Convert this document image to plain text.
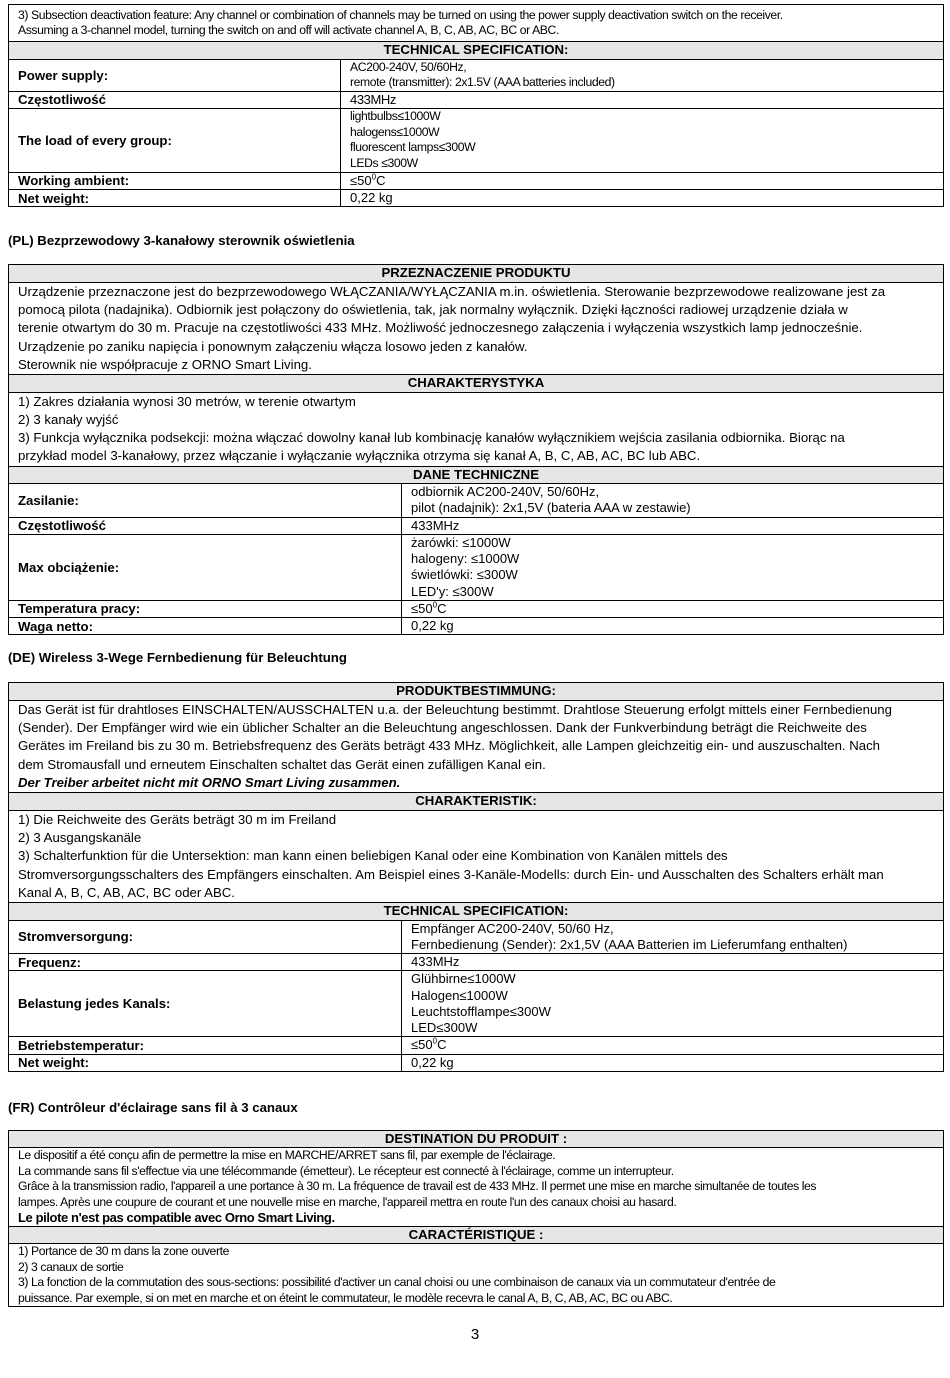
3) Subsection deactivation feature: Any channel or combination of channels may be turned on using the power supply deactivation switch on the receiver.
Assuming a 3-channel model, turning the switch on and off will activate channel A, B, C, AB, AC, BC or ABC.	

TECHNICAL SPECIFICATION:	
Power supply:	AC200-240V, 50/60Hz,
remote (transmitter): 2x1.5V (AAA batteries included)

Częstotliwość	433MHz
The load of every group:	lightbulbs≤1000W
halogens≤1000W
fluorescent lamps≤300W
LEDs ≤300W

Working ambient:	$\le 50^0C$
Net weight:	0,22 kg
(PL) Bezprzewodowy 3-kanałowy sterownik oświetlenia
PRZEZNACZENIE PRODUKTU	

Urządzenie przeznaczone jest do bezprzewodowego WŁĄCZANIA/WYŁĄCZANIA m.in. oświetlenia. Sterowanie bezprzewodowe realizowane jest za
pomocą pilota (nadajnika). Odbiornik jest połączony do oświetlenia, tak, jak normalny wyłącznik. Dzięki łączności radiowej urządzenie działa w
terenie otwartym do 30 m. Pracuje na częstotliwości 433 MHz. Możliwość jednoczesnego załączenia i wyłączenia wszystkich lamp jednocześnie.
Urządzenie po zaniku napięcia i ponownym załączeniu włącza losowo jeden z kanałów.
Sterownik nie współpracuje z ORNO Smart Living.	

CHARAKTERYSTYKA	

1) Zakres działania wynosi 30 metrów, w terenie otwartym
2) 3 kanały wyjść
3) Funkcja wyłącznika podsekcji: można włączać dowolny kanał lub kombinację kanałów wyłącznikiem wejścia zasilania odbiornika. Biorąc na
przykład model 3-kanałowy, przez włączanie i wyłączanie wyłącznika otrzyma się kanał A, B, C, AB, AC, BC lub ABC.	

DANE TECHNICZNE	
Zasilanie:	odbiornik AC200-240V, 50/60Hz,
pilot (nadajnik): 2x1,5V (bateria AAA w zestawie)

Częstotliwość	433MHz
Max obciążenie:	żarówki: ≤1000W
halogeny: ≤1000W
świetlówki: ≤300W
LED'y: ≤300W

Temperatura pracy:	$\le 50^0C$
Waga netto:	0,22 kg
(DE) Wireless 3-Wege Fernbedienung für Beleuchtung
PRODUKTBESTIMMUNG:	

Das Gerät ist für drahtloses EINSCHALTEN/AUSSCHALTEN u.a. der Beleuchtung bestimmt. Drahtlose Steuerung erfolgt mittels einer Fernbedienung
(Sender). Der Empfänger wird wie ein üblicher Schalter an die Beleuchtung angeschlossen. Dank der Funkverbindung beträgt die Reichweite des
Gerätes im Freiland bis zu 30 m. Betriebsfrequenz des Geräts beträgt 433 MHz. Möglichkeit, alle Lampen gleichzeitig ein- und auszuschalten. Nach
dem Stromausfall und erneutem Einschalten schaltet das Gerät einen zufälligen Kanal ein.
Der Treiber arbeitet nicht mit ORNO Smart Living zusammen.	

CHARAKTERISTIK:	

1) Die Reichweite des Geräts beträgt 30 m im Freiland
2) 3 Ausgangskanäle
3) Schalterfunktion für die Untersektion: man kann einen beliebigen Kanal oder eine Kombination von Kanälen mittels des
Stromversorgungsschalters des Empfängers einschalten. Am Beispiel eines 3-Kanäle-Modells: durch Ein- und Ausschalten des Schalters erhält man
Kanal A, B, C, AB, AC, BC oder ABC.	

TECHNICAL SPECIFICATION:	
Stromversorgung:	Empfänger AC200-240V, 50/60 Hz,
Fernbedienung (Sender): 2x1,5V (AAA Batterien im Lieferumfang enthalten)

Frequenz:	433MHz
Belastung jedes Kanals:	Glühbirne≤1000W
Halogen≤1000W
Leuchtstofflampe≤300W
LED≤300W

Betriebstemperatur:	$\le 50^0C$
Net weight:	0,22 kg
(FR) Contrôleur d'éclairage sans fil à 3 canaux
DESTINATION DU PRODUIT :

Le dispositif a été conçu afin de permettre la mise en MARCHE/ARRET sans fil, par exemple de l'éclairage.
La commande sans fil s'effectue via une télécommande (émetteur). Le récepteur est connecté à l'éclairage, comme un interrupteur.
Grâce à la transmission radio, l'appareil a une portance à 30 m. La fréquence de travail est de 433 MHz. Il permet une mise en marche simultanée de toutes les
lampes. Après une coupure de courant et une nouvelle mise en marche, l'appareil mettra en route l'un des canaux choisi au hasard.
Le pilote n'est pas compatible avec Orno Smart Living.

CARACTÉRISTIQUE :

1) Portance de 30 m dans la zone ouverte
2) 3 canaux de sortie
3) La fonction de la commutation des sous-sections: possibilité d'activer un canal choisi ou une combinaison de canaux via un commutateur d'entrée de
puissance. Par exemple, si on met en marche et on éteint le commutateur, le modèle recevra le canal A, B, C, AB, AC, BC ou ABC.
3
